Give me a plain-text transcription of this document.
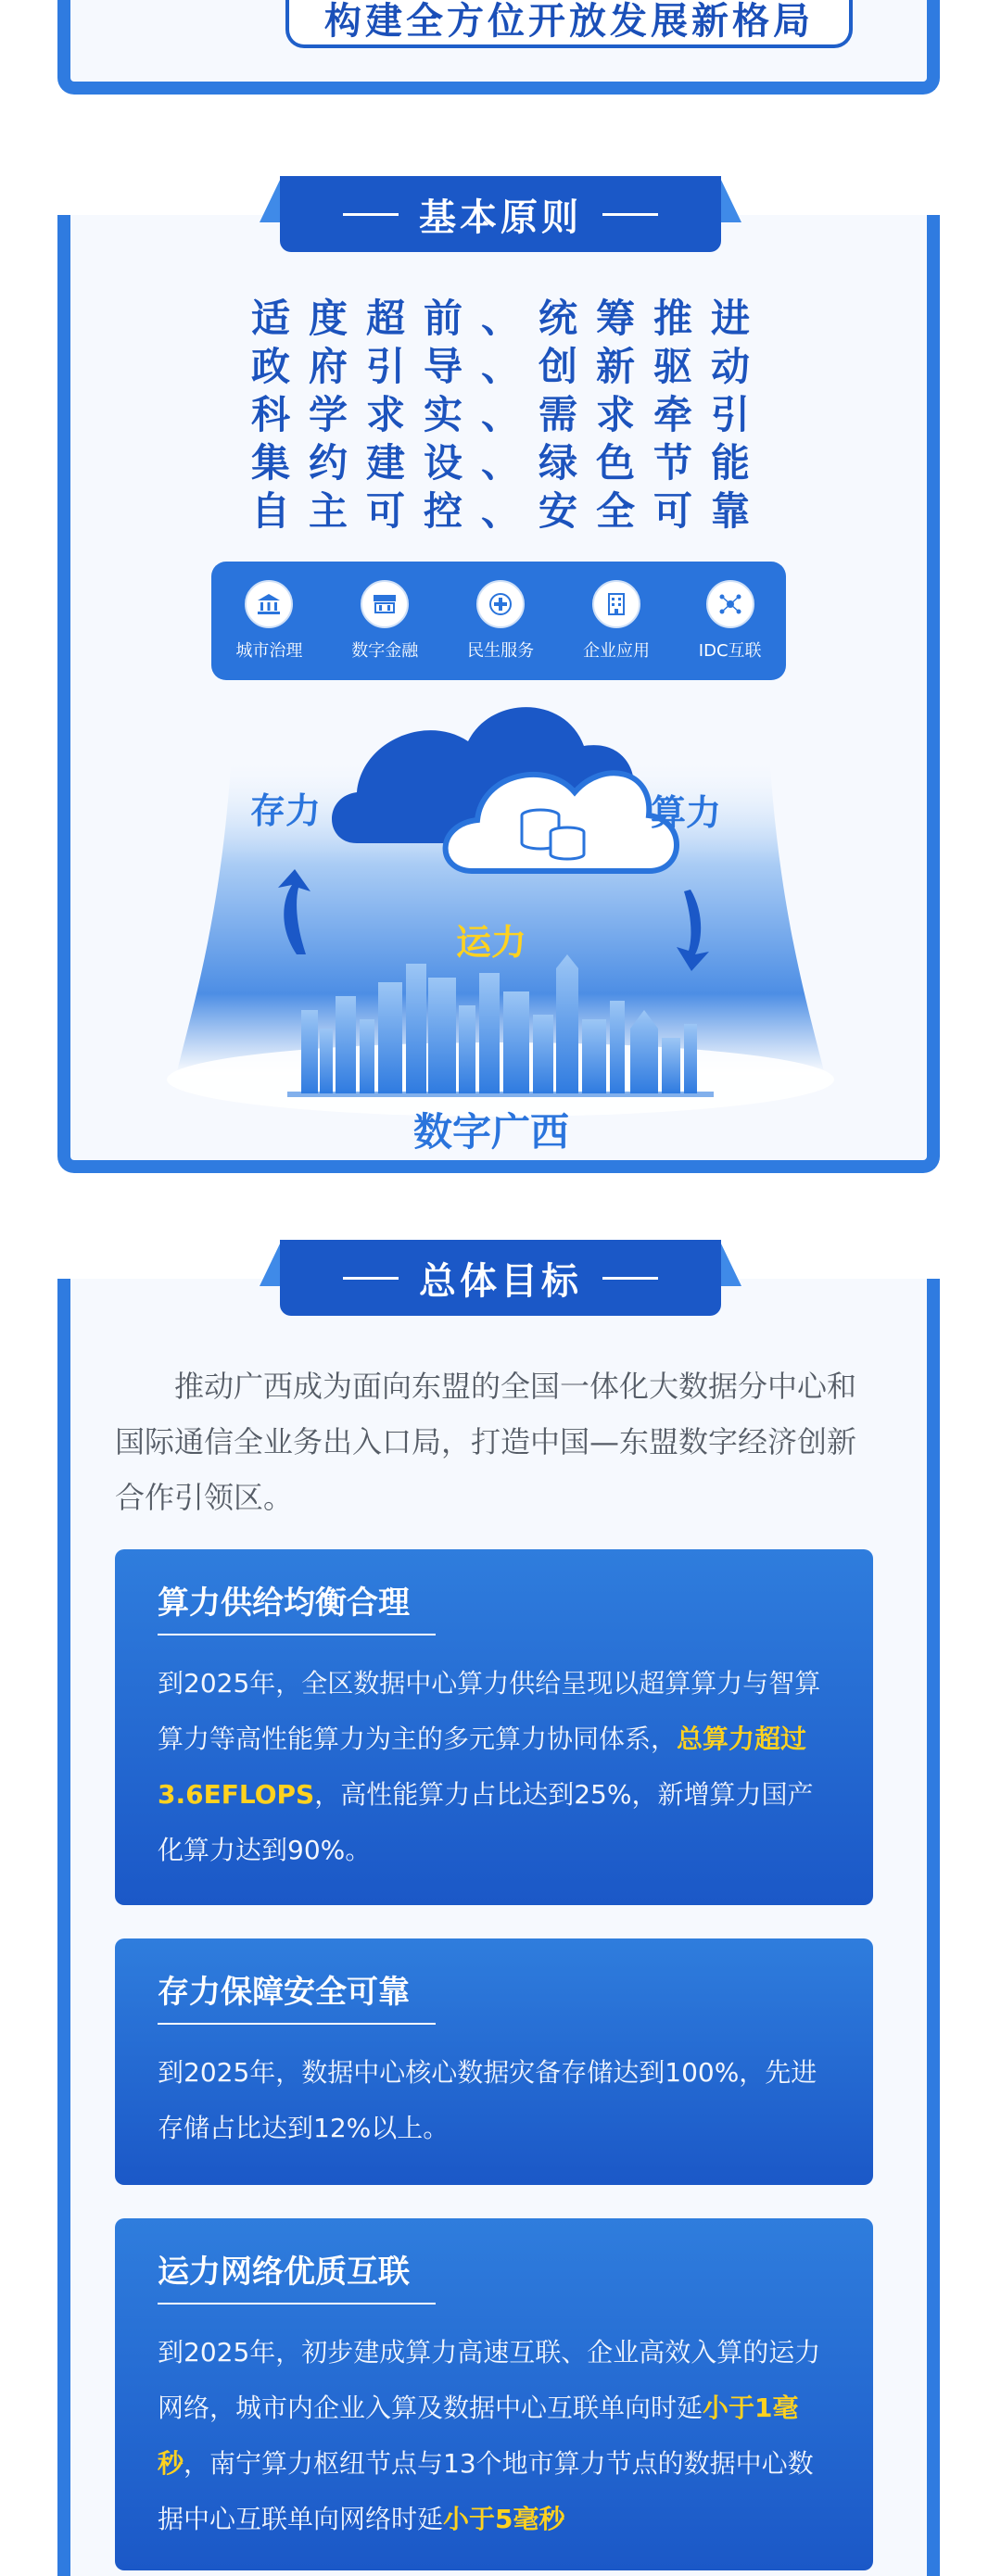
构建全方位开放发展新格局
基本原则
适度超前、统筹推进
政府引导、创新驱动
科学求实、需求牵引
集约建设、绿色节能
自主可控、安全可靠
城市治理	数字金融	民生服务	企业应用	IDC互联
存力	算力
运力
数字广西
总体目标
推动广西成为面向东盟的全国一体化大数据分中心和国际通信全业务出入口局，打造中国—东盟数字经济创新合作引领区。
算力供给均衡合理

到2025年，全区数据中心算力供给呈现以超算算力与智算算力等高性能算力为主的多元算力协同体系，总算力超过3.6EFLOPS，高性能算力占比达到25%，新增算力国产化算力达到90%。

存力保障安全可靠

到2025年，数据中心核心数据灾备存储达到100%，先进存储占比达到12%以上。

运力网络优质互联

到2025年，初步建成算力高速互联、企业高效入算的运力网络，城市内企业入算及数据中心互联单向时延小于1毫秒，南宁算力枢纽节点与13个地市算力节点的数据中心数据中心互联单向网络时延小于5毫秒
